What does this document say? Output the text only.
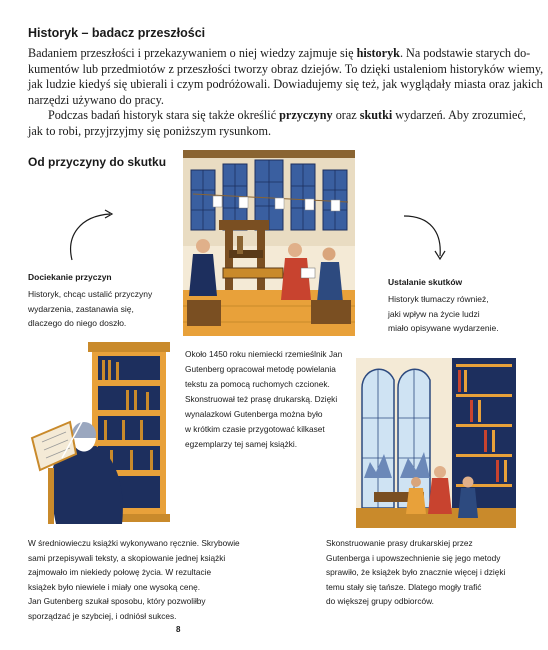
Historyk – badacz przeszłości
Badaniem przeszłości i przekazywaniem o niej wiedzy zajmuje się historyk. Na podstawie starych do-
kumentów lub przedmiotów z przeszłości tworzy obraz dziejów. To dzięki ustaleniom historyków wiemy,
jak ludzie kiedyś się ubierali i czym podróżowali. Dowiadujemy się też, jak wyglądały miasta oraz jakich
narzędzi używano do pracy.
Podczas badań historyk stara się także określić przyczyny oraz skutki wydarzeń. Aby zrozumieć,
jak to robi, przyjrzyjmy się poniższym rysunkom.
Od przyczyny do skutku
Dociekanie przyczyn
Historyk, chcąc ustalić przyczyny
wydarzenia, zastanawia się,
dlaczego do niego doszło.
Ustalanie skutków
Historyk tłumaczy również,
jaki wpływ na życie ludzi
miało opisywane wydarzenie.
Około 1450 roku niemiecki rzemieślnik Jan
Gutenberg opracował metodę powielania
tekstu za pomocą ruchomych czcionek.
Skonstruował też prasę drukarską. Dzięki
wynalazkowi Gutenberga można było
w krótkim czasie przygotować kilkaset
egzemplarzy tej samej książki.
W średniowieczu książki wykonywano ręcznie. Skrybowie
sami przepisywali teksty, a skopiowanie jednej książki
zajmowało im niekiedy połowę życia. W rezultacie
książek było niewiele i miały one wysoką cenę.
Jan Gutenberg szukał sposobu, który pozwoliłby
sporządzać je szybciej, i odniósł sukces.
Skonstruowanie prasy drukarskiej przez
Gutenberga i upowszechnienie się jego metody
sprawiło, że książek było znacznie więcej i dzięki
temu stały się tańsze. Dlatego mogły trafić
do większej grupy odbiorców.
8
